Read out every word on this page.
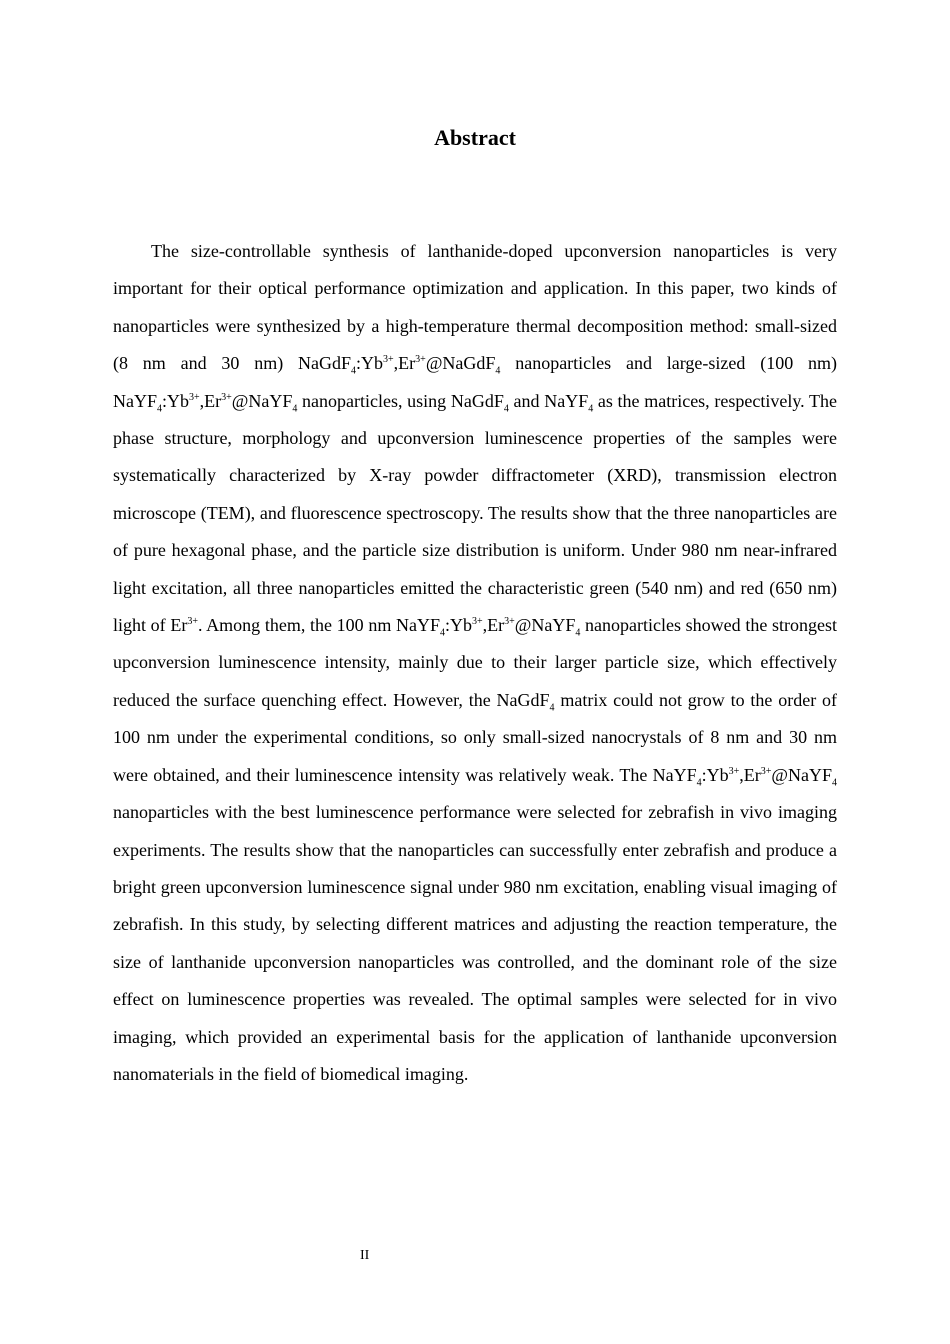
Abstract

The size-controllable synthesis of lanthanide-doped upconversion nanoparticles is very important for their optical performance optimization and application. In this paper, two kinds of nanoparticles were synthesized by a high-temperature thermal decomposition method: small-sized (8 nm and 30 nm) $NaGdF_4:Yb^{3+},Er^{3+}@NaGdF_4$ nanoparticles and large-sized (100 nm) $NaYF_4:Yb^{3+},Er^{3+}@NaYF_4$ nanoparticles, using NaGdF$_4$ and NaYF$_4$ as the matrices, respectively. The phase structure, morphology and upconversion luminescence properties of the samples were systematically characterized by X-ray powder diffractometer (XRD), transmission electron microscope (TEM), and fluorescence spectroscopy. The results show that the three nanoparticles are of pure hexagonal phase, and the particle size distribution is uniform. Under 980 nm near-infrared light excitation, all three nanoparticles emitted the characteristic green (540 nm) and red (650 nm) light of $Er^{3+}$. Among them, the 100 nm $NaYF_4:Yb^{3+},Er^{3+}@NaYF_4$ nanoparticles showed the strongest upconversion luminescence intensity, mainly due to their larger particle size, which effectively reduced the surface quenching effect. However, the NaGdF$_4$ matrix could not grow to the order of 100 nm under the experimental conditions, so only small-sized nanocrystals of 8 nm and 30 nm were obtained, and their luminescence intensity was relatively weak. The $NaYF_4:Yb^{3+},Er^{3+}@NaYF_4$ nanoparticles with the best luminescence performance were selected for zebrafish in vivo imaging experiments. The results show that the nanoparticles can successfully enter zebrafish and produce a bright green upconversion luminescence signal under 980 nm excitation, enabling visual imaging of zebrafish. In this study, by selecting different matrices and adjusting the reaction temperature, the size of lanthanide upconversion nanoparticles was controlled, and the dominant role of the size effect on luminescence properties was revealed. The optimal samples were selected for in vivo imaging, which provided an experimental basis for the application of lanthanide upconversion nanomaterials in the field of biomedical imaging.

II
